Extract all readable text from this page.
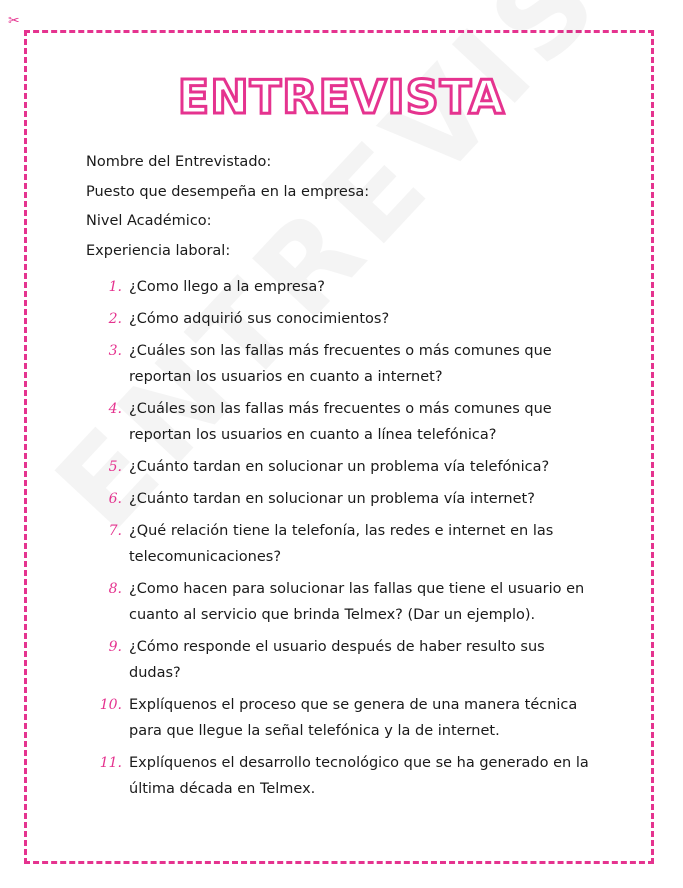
✂
ENTREVISTA
Nombre del Entrevistado:
Puesto que desempeña en la empresa:
Nivel Académico:
Experiencia laboral:
1. ¿Como llego a la empresa?
2. ¿Cómo adquirió sus conocimientos?
3. ¿Cuáles son las fallas más frecuentes o más comunes que reportan los usuarios en cuanto a internet?
4. ¿Cuáles son las fallas más frecuentes o más comunes que reportan los usuarios en cuanto a línea telefónica?
5. ¿Cuánto tardan en solucionar un problema vía telefónica?
6. ¿Cuánto tardan en solucionar un problema vía internet?
7. ¿Qué relación tiene la telefonía, las redes e internet en las telecomunicaciones?
8. ¿Como hacen para solucionar las fallas que tiene el usuario en cuanto al servicio que brinda Telmex? (Dar un ejemplo).
9. ¿Cómo responde el usuario después de haber resulto sus dudas?
10. Explíquenos el proceso que se genera de una manera técnica para que llegue la señal telefónica y la de internet.
11. Explíquenos el desarrollo tecnológico que se ha generado en la última década en Telmex.
